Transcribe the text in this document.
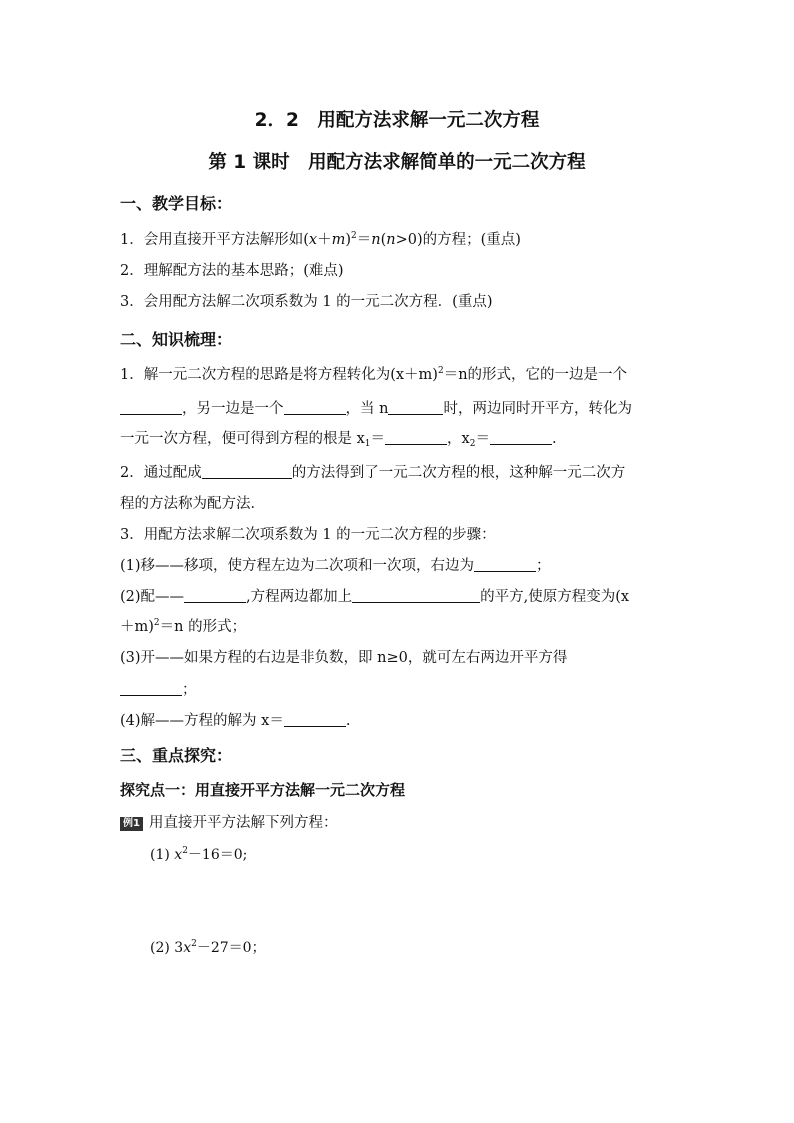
2．2　用配方法求解一元二次方程
第 1 课时　用配方法求解简单的一元二次方程
一、教学目标：
1．会用直接开平方法解形如$(x+m)^2=n(n>0)$的方程；(重点)
2．理解配方法的基本思路；(难点)
3．会用配方法解二次项系数为 1 的一元二次方程．(重点)
二、知识梳理：
1．解一元二次方程的思路是将方程转化为$(x+m)^2=n$的形式，它的一边是一个
，另一边是一个	，当 n	时，两边同时开平方，转化为
一元一次方程，便可得到方程的根是 $x_1=$	，$x_2=$	.
2．通过配成	的方法得到了一元二次方程的根，这种解一元二次方
程的方法称为配方法．
3．用配方法求解二次项系数为 1 的一元二次方程的步骤：
(1)移——移项，使方程左边为二次项和一次项，右边为	；
(2)配——	,方程两边都加上	的平方,使原方程变为(x
＋m)$^2$＝n 的形式；
(3)开——如果方程的右边是非负数，即 n≥0，就可左右两边开平方得
；
(4)解——方程的解为 x＝	.
三、重点探究：
探究点一：用直接开平方法解一元二次方程
例1 用直接开平方法解下列方程：
(1) $x^2-16=0$;
(2) $3x^2-27=0$；
